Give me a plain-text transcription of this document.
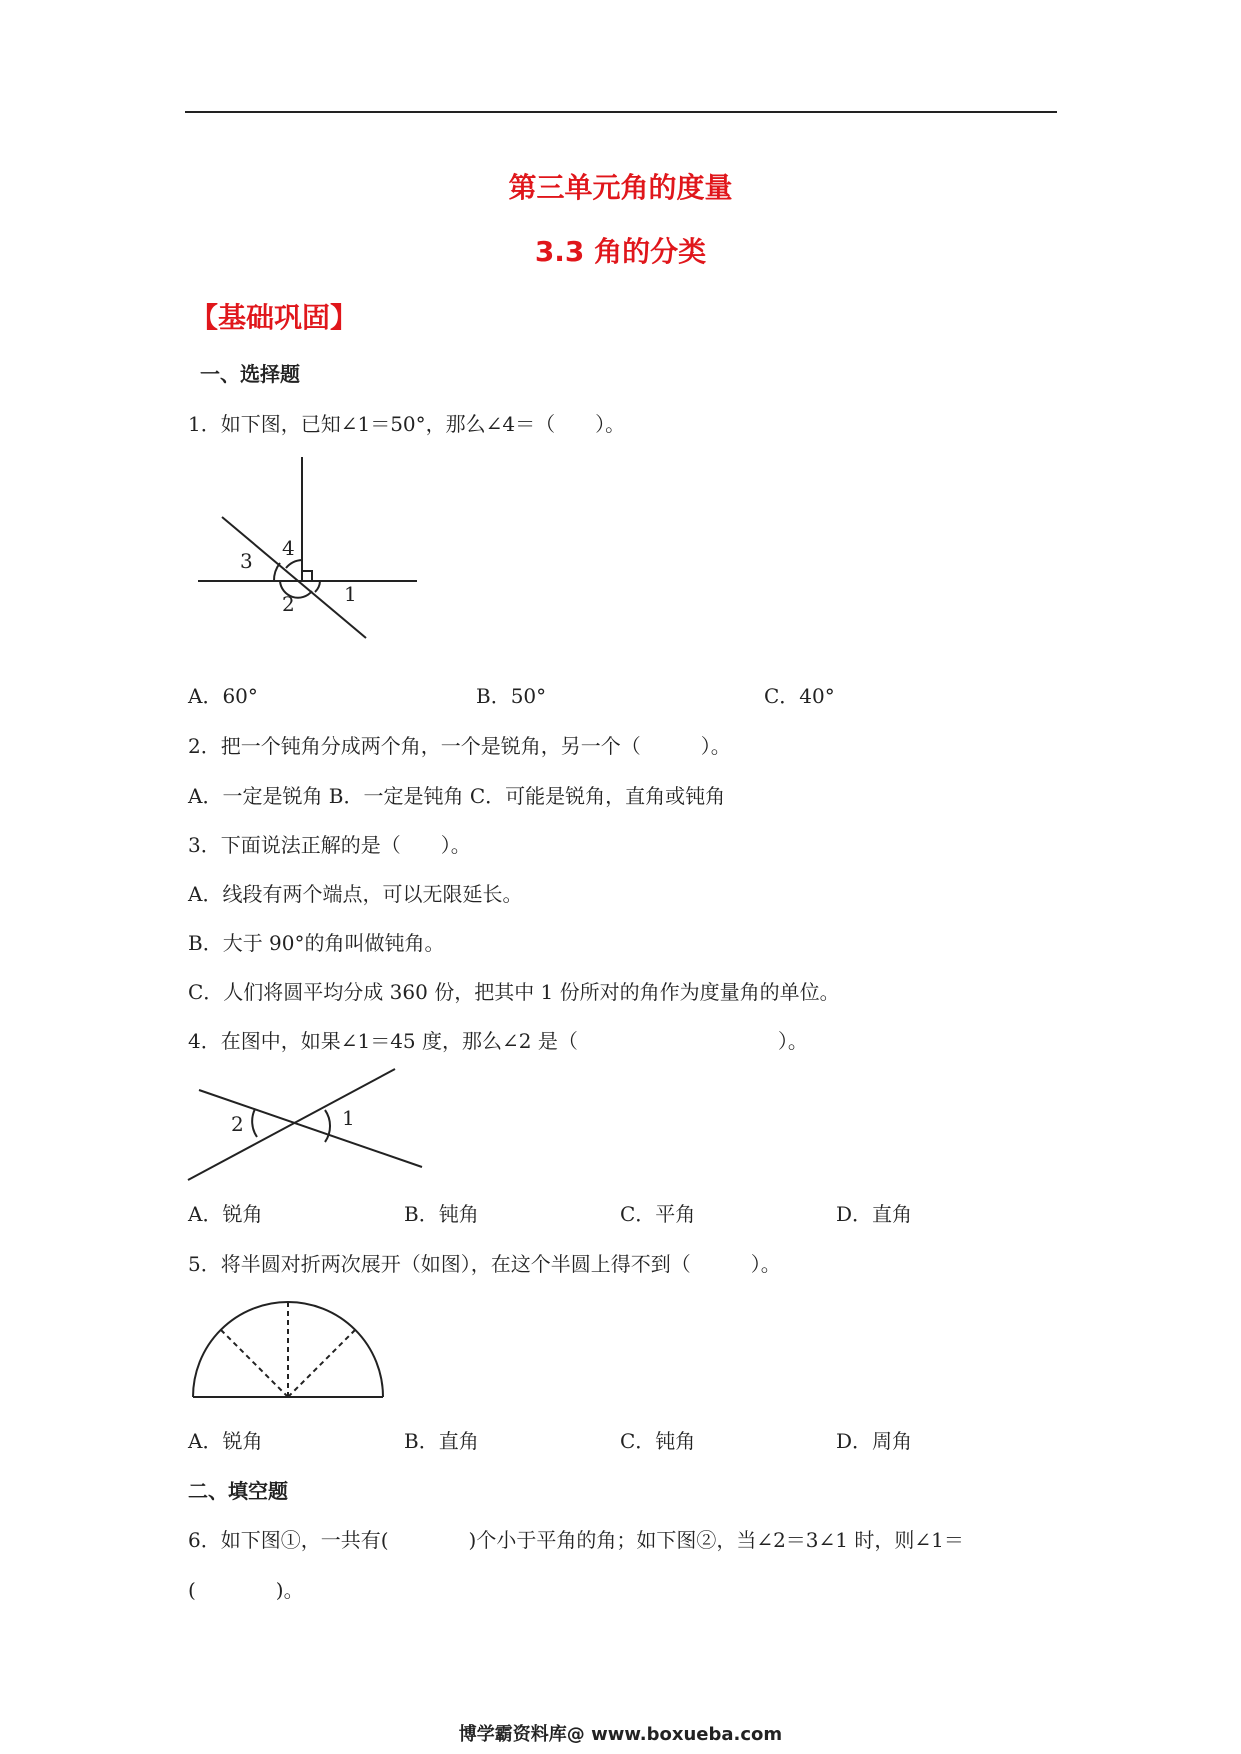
第三单元角的度量
3.3 角的分类
【基础巩固】
一、选择题
1．如下图，已知∠1＝50°，那么∠4＝（　　）。
4
3
2 1
A．60°	B．50°	C．40°
2．把一个钝角分成两个角，一个是锐角，另一个（　　　）。
A．一定是锐角 B．一定是钝角 C．可能是锐角，直角或钝角
3．下面说法正解的是（　　）。
A．线段有两个端点，可以无限延长。
B．大于 90°的角叫做钝角。
C．人们将圆平均分成 360 份，把其中 1 份所对的角作为度量角的单位。
4．在图中，如果∠1＝45 度，那么∠2 是（　　　　　　　　　　）。
2	1
A．锐角	B．钝角	C．平角	D．直角
5．将半圆对折两次展开（如图），在这个半圆上得不到（　　　）。
A．锐角	B．直角	C．钝角	D．周角
二、填空题
6．如下图①，一共有(　　　　)个小于平角的角；如下图②，当∠2＝3∠1 时，则∠1＝
(　　　　)。
博学霸资料库@ www.boxueba.com
